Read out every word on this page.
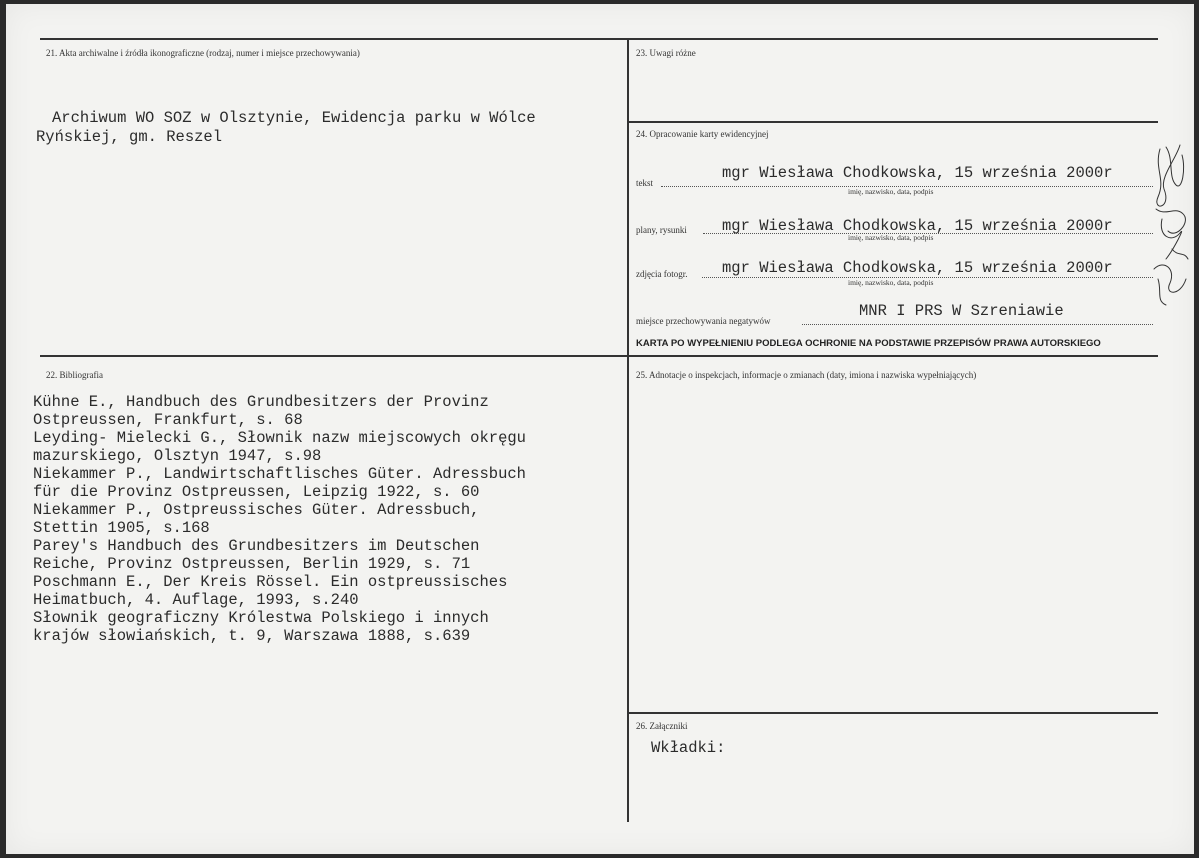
21. Akta archiwalne i źródła ikonograficzne (rodzaj, numer i miejsce przechowywania)
Archiwum WO SOZ w Olsztynie, Ewidencja parku w Wólce
Ryńskiej, gm. Reszel
23. Uwagi różne
24. Opracowanie karty ewidencyjnej
tekst
mgr Wiesława Chodkowska, 15 września 2000r
imię, nazwisko, data, podpis
plany, rysunki mgr Wiesława Chodkowska, 15 września 2000r
imię, nazwisko, data, podpis
zdjęcia fotogr. mgr Wiesława Chodkowska, 15 września 2000r
imię, nazwisko, data, podpis
miejsce przechowywania negatywów
MNR I PRS W Szreniawie
KARTA PO WYPEŁNIENIU PODLEGA OCHRONIE NA PODSTAWIE PRZEPISÓW PRAWA AUTORSKIEGO
22. Bibliografia
Kühne E., Handbuch des Grundbesitzers der Provinz
Ostpreussen, Frankfurt, s. 68
Leyding- Mielecki G., Słownik nazw miejscowych okręgu
mazurskiego, Olsztyn 1947, s.98
Niekammer P., Landwirtschaftlisches Güter. Adressbuch
für die Provinz Ostpreussen, Leipzig 1922, s. 60
Niekammer P., Ostpreussisches Güter. Adressbuch,
Stettin 1905, s.168
Parey's Handbuch des Grundbesitzers im Deutschen
Reiche, Provinz Ostpreussen, Berlin 1929, s. 71
Poschmann E., Der Kreis Rössel. Ein ostpreussisches
Heimatbuch, 4. Auflage, 1993, s.240
Słownik geograficzny Królestwa Polskiego i innych
krajów słowiańskich, t. 9, Warszawa 1888, s.639
25. Adnotacje o inspekcjach, informacje o zmianach (daty, imiona i nazwiska wypełniających)
26. Załączniki
Wkładki:
